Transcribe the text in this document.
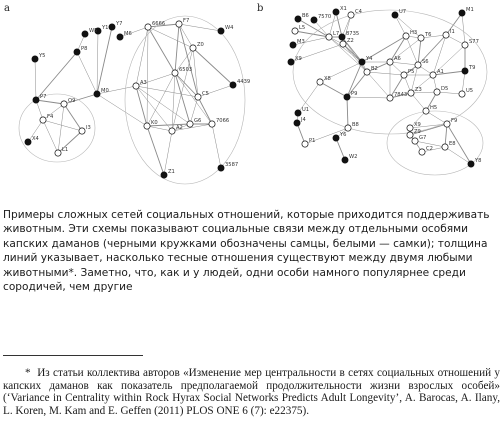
a
Y7
Y1
W5	M6
P8
Y5
M0
P7
Q9
F4
I3
X4
L1
6666	F7
W4
Z0
A3
6503
C5
4439
K0
A2
G6	7066
3587
Z1
b
B6 7570
X1 C4
L5
M3
X9
Z2
L7 8735
U7	M1
H3 T6	I1
S77
Y4
B2
A6	S6
P5	A1
T9
X8
P9	7843
Z3	D5	U5
U1
J4
H5
B8
Y6
P1
X9
Z9
F9
W2
G7
C2
E8
Y8

Примеры сложных сетей социальных отношений, которые приходится поддерживать животным. Эти схемы показывают социальные связи между отдельными особями капских даманов (черными кружками обозначены самцы, белыми — самки); толщина линий указывает, насколько тесные отношения существуют между двумя любыми животными*. Заметно, что, как и у людей, одни особи намного популярнее среди сородичей, чем другие

* Из статьи коллектива авторов «Изменение мер центральности в сетях социальных отношений у капских даманов как показатель предполагаемой продолжительности жизни взрослых особей» (‘Variance in Centrality within Rock Hyrax Social Networks Predicts Adult Longevity’, A. Barocas, A. Ilany, L. Koren, M. Kam and E. Geffen (2011) PLOS ONE 6 (7): e22375).
